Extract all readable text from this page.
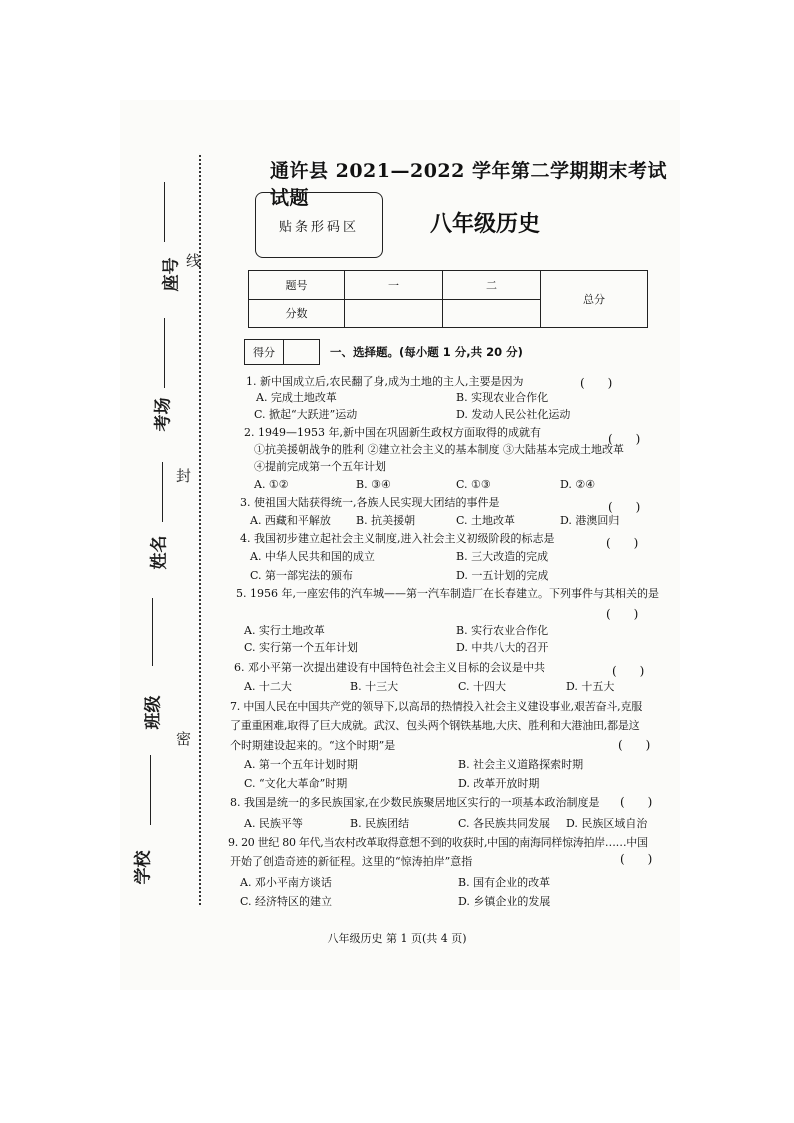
线
封
密
座号
考场
姓名
班级
学校
通许县 2021—2022 学年第二学期期末考试试题
贴条形码区	八年级历史
题号	一	二	总分
分数			
得分	一、选择题。(每小题 1 分,共 20 分)
1. 新中国成立后,农民翻了身,成为土地的主人,主要是因为	(      )
A. 完成土地改革	B. 实现农业合作化
C. 掀起“大跃进”运动	D. 发动人民公社化运动
2. 1949—1953 年,新中国在巩固新生政权方面取得的成就有	(      )
①抗美援朝战争的胜利 ②建立社会主义的基本制度 ③大陆基本完成土地改革
④提前完成第一个五年计划
A. ①②	B. ③④	C. ①③	D. ②④
3. 使祖国大陆获得统一,各族人民实现大团结的事件是	(      )
A. 西藏和平解放 B. 抗美援朝	C. 土地改革	D. 港澳回归
4. 我国初步建立起社会主义制度,进入社会主义初级阶段的标志是	(      )
A. 中华人民共和国的成立	B. 三大改造的完成
C. 第一部宪法的颁布	D. 一五计划的完成
5. 1956 年,一座宏伟的汽车城——第一汽车制造厂在长春建立。下列事件与其相关的是
(      )
A. 实行土地改革	B. 实行农业合作化
C. 实行第一个五年计划	D. 中共八大的召开
6. 邓小平第一次提出建设有中国特色社会主义目标的会议是中共	(      )
A. 十二大	B. 十三大	C. 十四大	D. 十五大
7. 中国人民在中国共产党的领导下,以高昂的热情投入社会主义建设事业,艰苦奋斗,克服
了重重困难,取得了巨大成就。武汉、包头两个钢铁基地,大庆、胜利和大港油田,都是这
个时期建设起来的。“这个时期”是	(      )
A. 第一个五年计划时期	B. 社会主义道路探索时期
C. “文化大革命”时期	D. 改革开放时期
8. 我国是统一的多民族国家,在少数民族聚居地区实行的一项基本政治制度是 (      )
A. 民族平等	B. 民族团结	C. 各民族共同发展 D. 民族区域自治
9. 20 世纪 80 年代,当农村改革取得意想不到的收获时,中国的南海同样惊涛拍岸……中国
(      )
开始了创造奇迹的新征程。这里的“惊涛拍岸”意指
A. 邓小平南方谈话	B. 国有企业的改革
C. 经济特区的建立	D. 乡镇企业的发展
八年级历史 第 1 页(共 4 页)
